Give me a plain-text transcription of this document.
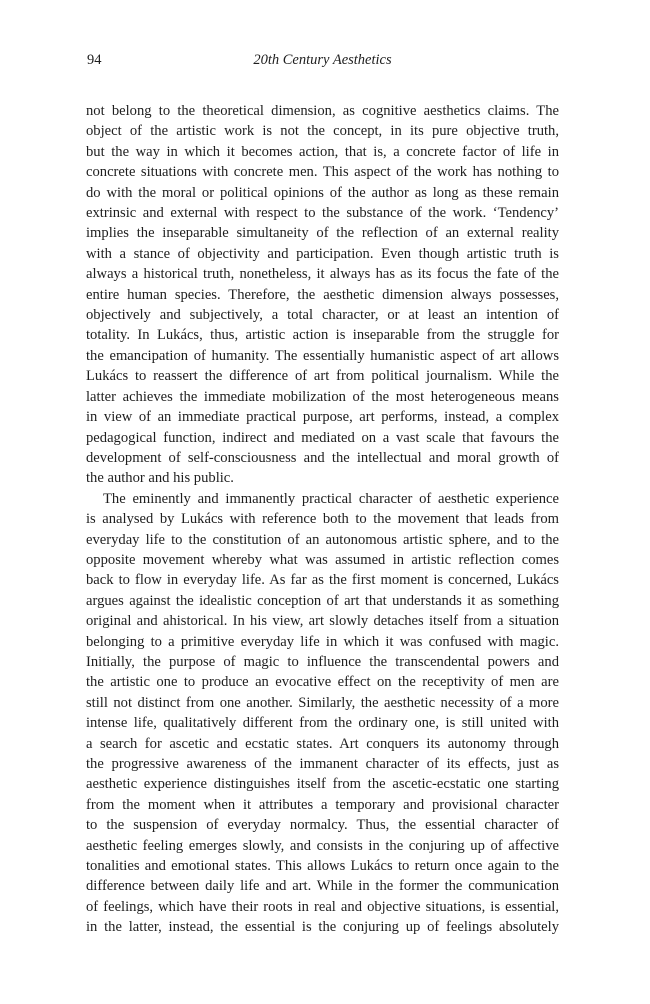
94	20th Century Aesthetics

not belong to the theoretical dimension, as cognitive aesthetics claims. The
object of the artistic work is not the concept, in its pure objective truth,
but the way in which it becomes action, that is, a concrete factor of life in
concrete situations with concrete men. This aspect of the work has nothing to
do with the moral or political opinions of the author as long as these remain
extrinsic and external with respect to the substance of the work. ‘Tendency’
implies the inseparable simultaneity of the reflection of an external reality
with a stance of objectivity and participation. Even though artistic truth is
always a historical truth, nonetheless, it always has as its focus the fate of the
entire human species. Therefore, the aesthetic dimension always possesses,
objectively and subjectively, a total character, or at least an intention of
totality. In Lukács, thus, artistic action is inseparable from the struggle for
the emancipation of humanity. The essentially humanistic aspect of art allows
Lukács to reassert the difference of art from political journalism. While the
latter achieves the immediate mobilization of the most heterogeneous means
in view of an immediate practical purpose, art performs, instead, a complex
pedagogical function, indirect and mediated on a vast scale that favours the
development of self-consciousness and the intellectual and moral growth of
the author and his public.

The eminently and immanently practical character of aesthetic experience
is analysed by Lukács with reference both to the movement that leads from
everyday life to the constitution of an autonomous artistic sphere, and to the
opposite movement whereby what was assumed in artistic reflection comes
back to flow in everyday life. As far as the first moment is concerned, Lukács
argues against the idealistic conception of art that understands it as something
original and ahistorical. In his view, art slowly detaches itself from a situation
belonging to a primitive everyday life in which it was confused with magic.
Initially, the purpose of magic to influence the transcendental powers and
the artistic one to produce an evocative effect on the receptivity of men are
still not distinct from one another. Similarly, the aesthetic necessity of a more
intense life, qualitatively different from the ordinary one, is still united with
a search for ascetic and ecstatic states. Art conquers its autonomy through
the progressive awareness of the immanent character of its effects, just as
aesthetic experience distinguishes itself from the ascetic-ecstatic one starting
from the moment when it attributes a temporary and provisional character
to the suspension of everyday normalcy. Thus, the essential character of
aesthetic feeling emerges slowly, and consists in the conjuring up of affective
tonalities and emotional states. This allows Lukács to return once again to the
difference between daily life and art. While in the former the communication
of feelings, which have their roots in real and objective situations, is essential,
in the latter, instead, the essential is the conjuring up of feelings absolutely
